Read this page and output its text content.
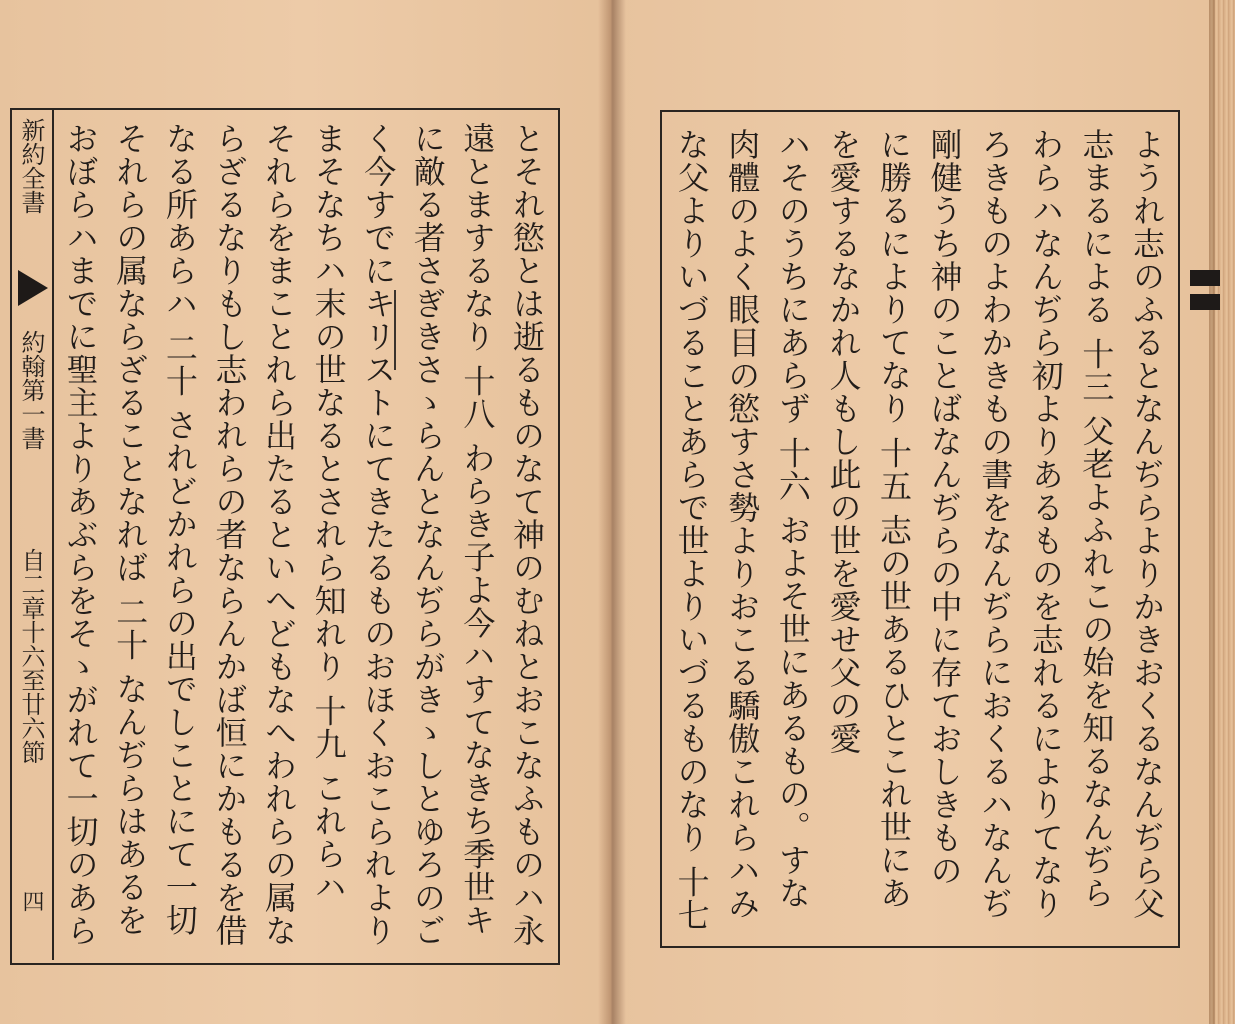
新約全書
約翰第一書
自二章十六至廿六節
四	とそれ慾とは逝るものなて神のむねとおこなふものハ永
遠とまするなり 十八 わらき子よ今ハすてなきち季世キ
に敵る者さぎきさゝらんとなんぢらがきゝしとゆろのご
く今すでにキリストにてきたるものおほくおこられより
まそなちハ末の世なるとされら知れり 十九 これらハ
それらをまことれら出たるといへどもなへわれらの属な
らざるなりもし志われらの者ならんかば恒にかもるを借
なる所あらハ 二十 されどかれらの出でしことにて一切
それらの属ならざることなれば 二十 なんぢらはあるを
おぼらハまでに聖主よりあぶらをそゝがれて一切のあら
ようれ志のふるとなんぢらよりかきおくるなんぢら父
志まるによる 十三 父老よふれこの始を知るなんぢら
わらハなんぢら初よりあるものを志れるによりてなり
ろきものよわかきもの書をなんぢらにおくるハなんぢ
剛健うち神のことばなんぢらの中に存ておしきもの
に勝るによりてなり 十五 志の世あるひとこれ世にあ
を愛するなかれ人もし此の世を愛せ父の愛
ハそのうちにあらず 十六 およそ世にあるもの。すな
肉體のよく眼目の慾すさ勢よりおこる驕傲これらハみ
な父よりいづることあらで世よりいづるものなり 十七
